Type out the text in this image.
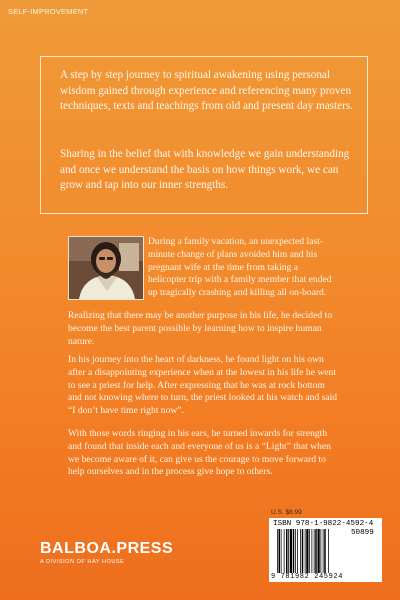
SELF-IMPROVEMENT

A step by step journey to spiritual awakening using personal wisdom gained through experience and referencing many proven techniques, texts and teachings from old and present day masters.

Sharing in the belief that with knowledge we gain understanding and once we understand the basis on how things work, we can grow and tap into our inner strengths.

During a family vacation, an unexpected last-minute change of plans avoided him and his pregnant wife at the time from taking a helicopter trip with a family member that ended up tragically crashing and killing all on-board.

Realizing that there may be another purpose in his life, he decided to become the best parent possible by learning how to inspire human nature.

In his journey into the heart of darkness, he found light on his own after a disappointing experience when at the lowest in his life he went to see a priest for help. After expressing that he was at rock bottom and not knowing where to turn, the priest looked at his watch and said “I don’t have time right now”.

With those words ringing in his ears, he turned inwards for strength and found that inside each and everyone of us is a “Light” that when we become aware of it, can give us the courage to move forward to help ourselves and in the process give hope to others.

U.S. $8.99
ISBN 978-1-9822-4592-4
50899
9 781982 245924
BALBOA.PRESS
A DIVISION OF HAY HOUSE
